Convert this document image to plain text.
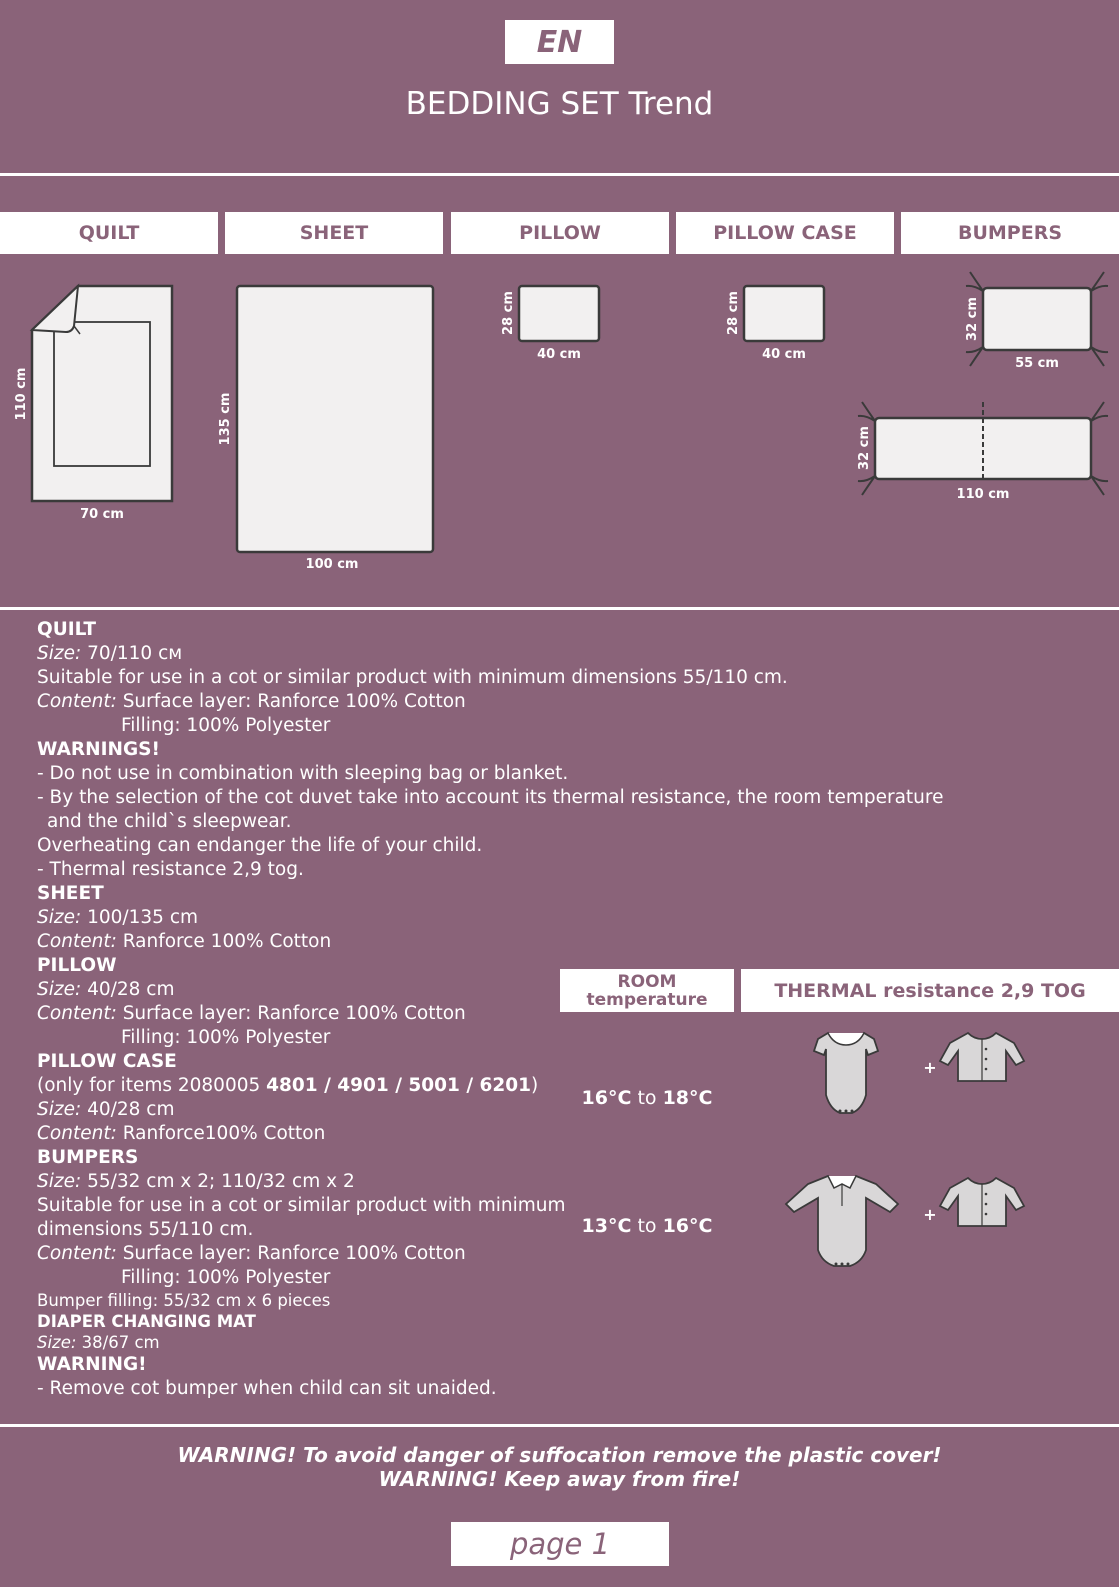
EN
BEDDING SET Trend
QUILT	SHEET	PILLOW	PILLOW CASE	BUMPERS
110 cm
70 cm
135 cm
100 cm
28 cm
40 cm
28 cm
40 cm
32 cm
55 cm
32 cm
110 cm
QUILT
Size: 70/110 см
Suitable for use in a cot or similar product with minimum dimensions 55/110 cm.
Content: Surface layer: Ranforce 100% Cotton
Filling: 100% Polyester
WARNINGS!
- Do not use in combination with sleeping bag or blanket.
- By the selection of the cot duvet take into account its thermal resistance, the room temperature
and the child`s sleepwear.
Overheating can endanger the life of your child.
- Thermal resistance 2,9 tog.
SHEET
Size: 100/135 cm
Content: Ranforce 100% Cotton
PILLOW
Size: 40/28 cm
Content: Surface layer: Ranforce 100% Cotton
Filling: 100% Polyester
PILLOW CASE
(only for items 2080005 4801 / 4901 / 5001 / 6201)
Size: 40/28 cm
Content: Ranforce100% Cotton
BUMPERS
Size: 55/32 cm x 2; 110/32 cm x 2
Suitable for use in a cot or similar product with minimum
dimensions 55/110 cm.
Content: Surface layer: Ranforce 100% Cotton
Filling: 100% Polyester
Bumper filling: 55/32 cm x 6 pieces
DIAPER CHANGING MAT
Size: 38/67 cm
WARNING!
- Remove cot bumper when child can sit unaided.
ROOM
temperature	THERMAL resistance 2,9 TOG
16°C to 18°C
13°C to 16°C
+
+
WARNING! To avoid danger of suffocation remove the plastic cover!
WARNING! Keep away from fire!
page 1
